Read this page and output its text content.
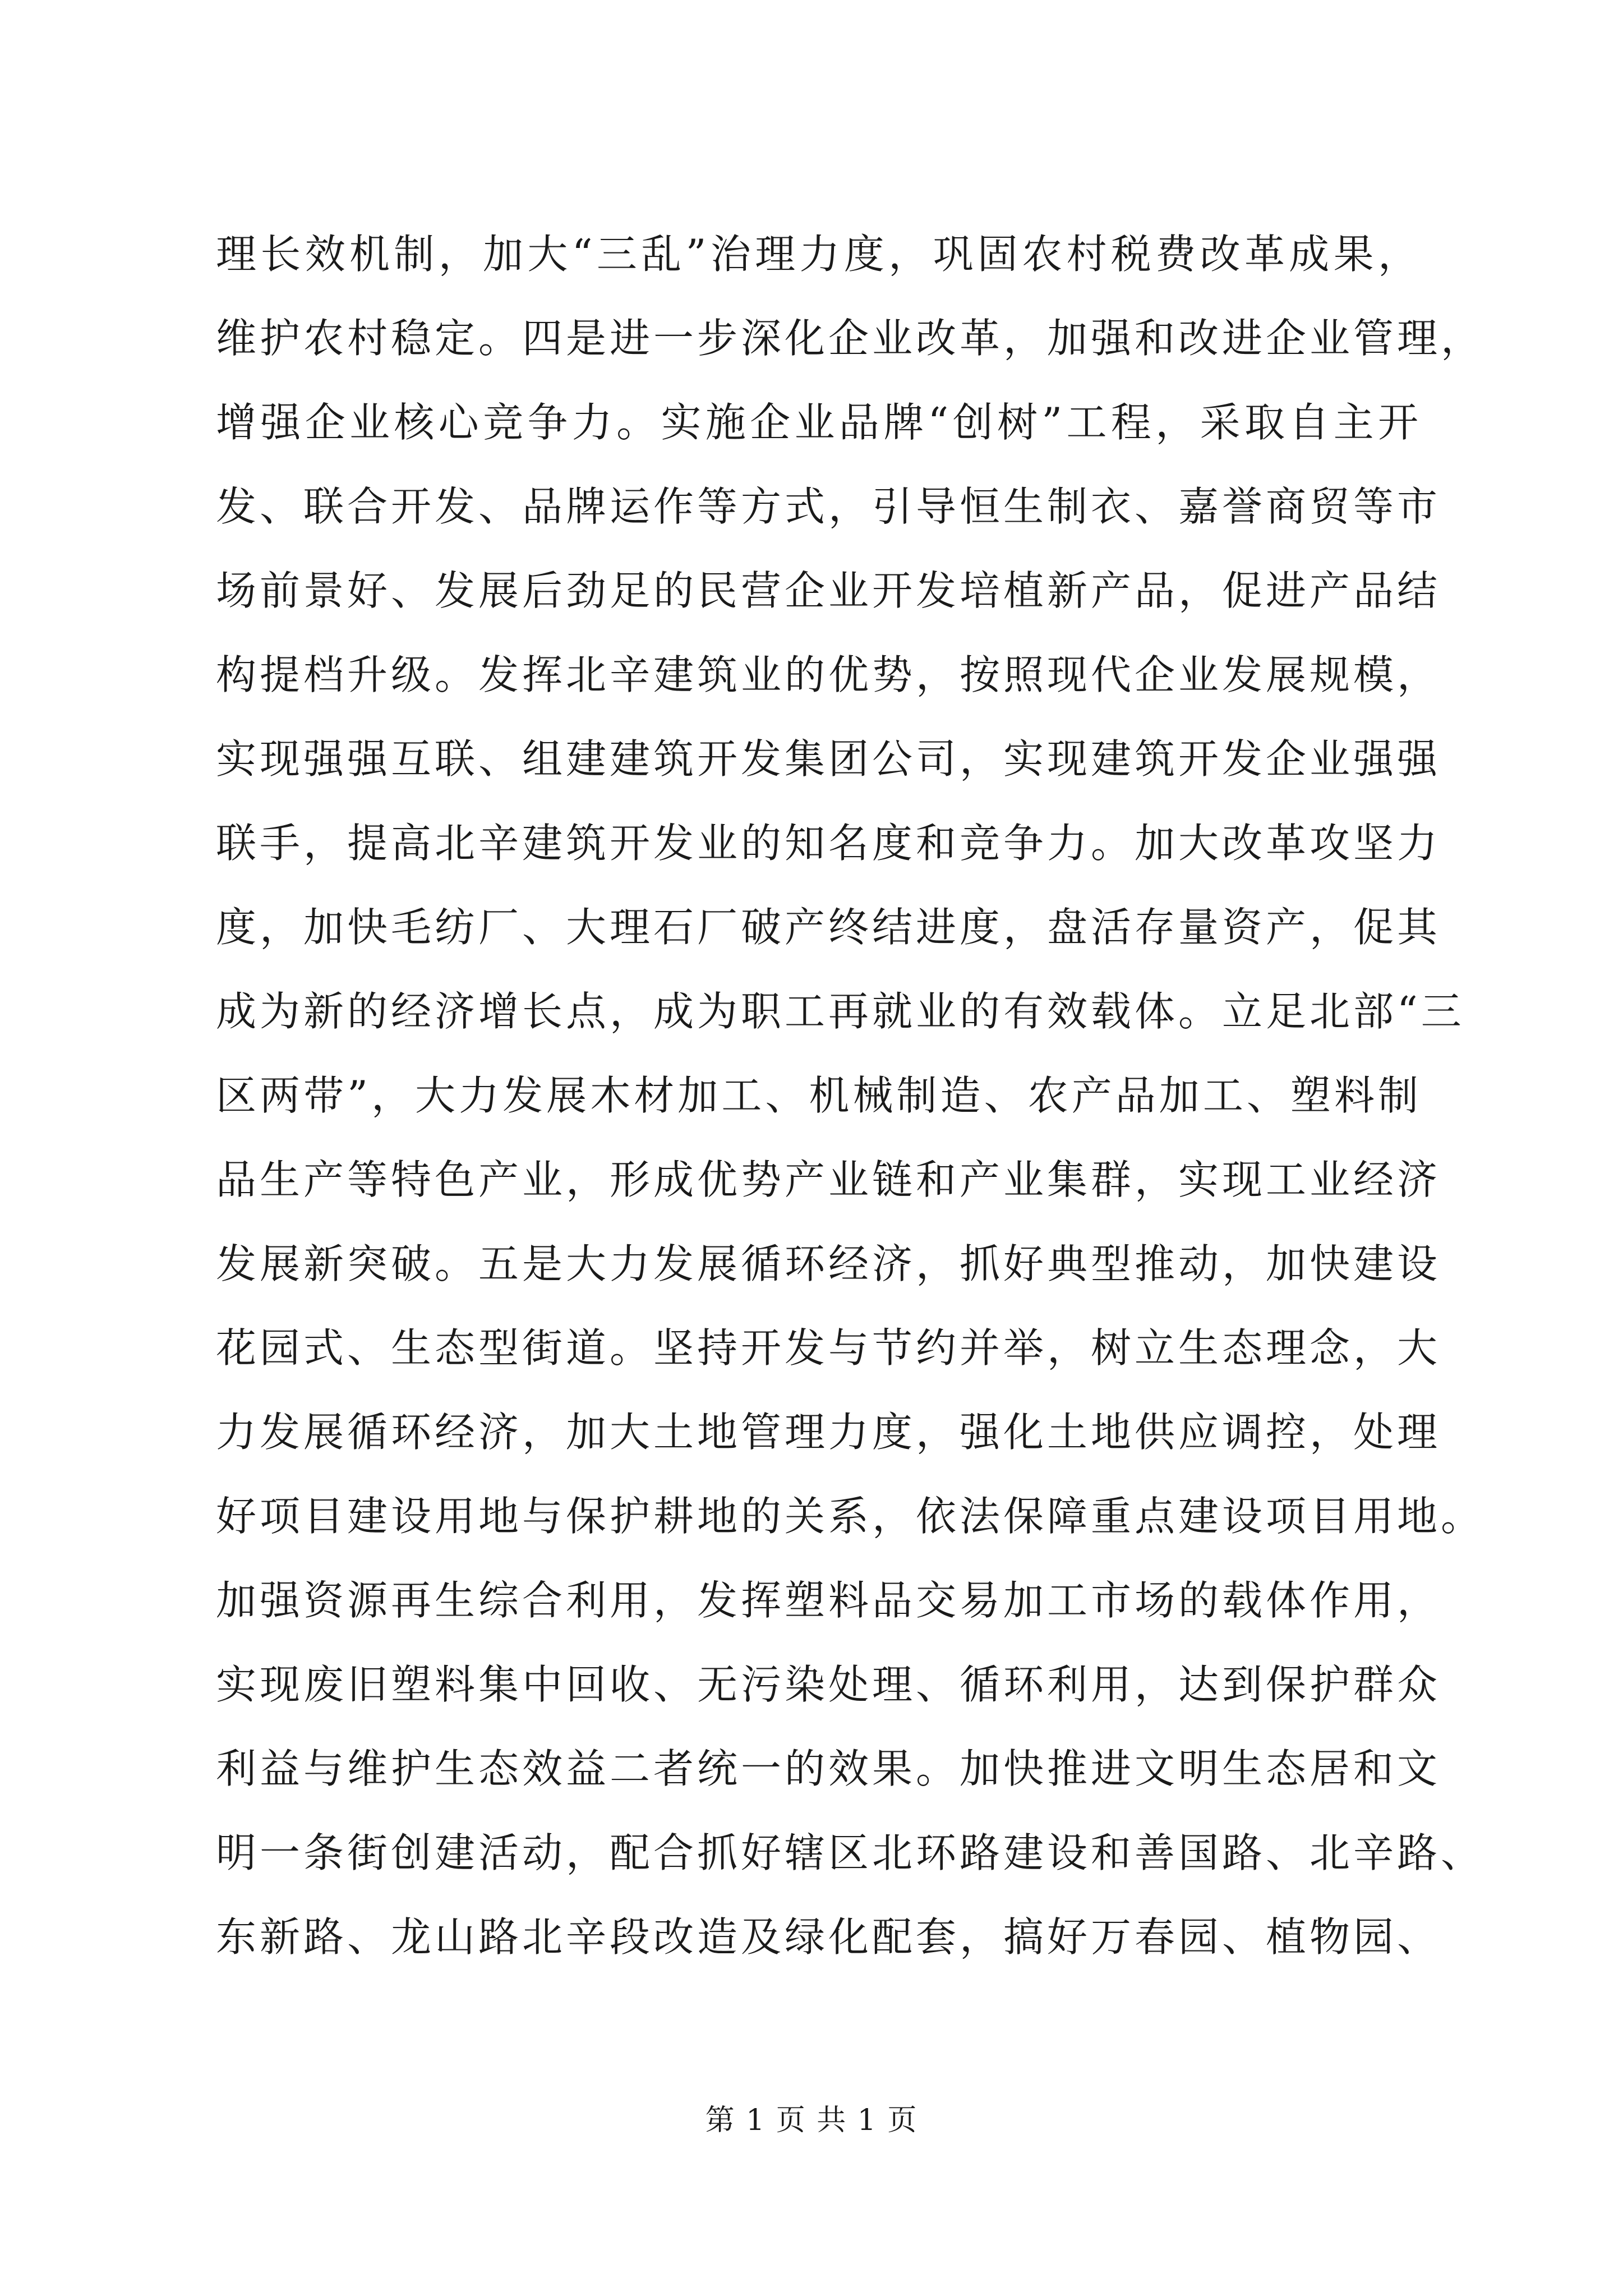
理长效机制，加大“三乱”治理力度，巩固农村税费改革成果，
维护农村稳定。四是进一步深化企业改革，加强和改进企业管理，
增强企业核心竞争力。实施企业品牌“创树”工程，采取自主开
发、联合开发、品牌运作等方式，引导恒生制衣、嘉誉商贸等市
场前景好、发展后劲足的民营企业开发培植新产品，促进产品结
构提档升级。发挥北辛建筑业的优势，按照现代企业发展规模，
实现强强互联、组建建筑开发集团公司，实现建筑开发企业强强
联手，提高北辛建筑开发业的知名度和竞争力。加大改革攻坚力
度，加快毛纺厂、大理石厂破产终结进度，盘活存量资产，促其
成为新的经济增长点，成为职工再就业的有效载体。立足北部“三
区两带”，大力发展木材加工、机械制造、农产品加工、塑料制
品生产等特色产业，形成优势产业链和产业集群，实现工业经济
发展新突破。五是大力发展循环经济，抓好典型推动，加快建设
花园式、生态型街道。坚持开发与节约并举，树立生态理念，大
力发展循环经济，加大土地管理力度，强化土地供应调控，处理
好项目建设用地与保护耕地的关系，依法保障重点建设项目用地。
加强资源再生综合利用，发挥塑料品交易加工市场的载体作用，
实现废旧塑料集中回收、无污染处理、循环利用，达到保护群众
利益与维护生态效益二者统一的效果。加快推进文明生态居和文
明一条街创建活动，配合抓好辖区北环路建设和善国路、北辛路、
东新路、龙山路北辛段改造及绿化配套，搞好万春园、植物园、
第 1 页 共 1 页
